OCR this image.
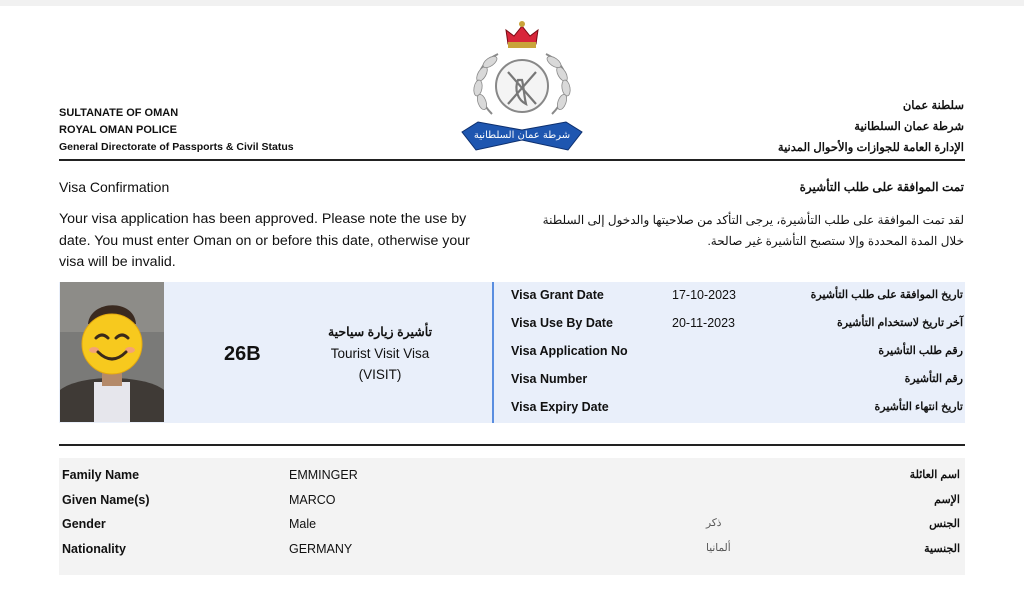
SULTANATE OF OMAN
ROYAL OMAN POLICE
General Directorate of Passports & Civil Status
شرطة عمان السلطانية
سلطنة عمان
شرطة عمان السلطانية
الإدارة العامة للجوازات والأحوال المدنية
Visa Confirmation	تمت الموافقة على طلب التأشيرة
Your visa application has been approved. Please note the use by
date. You must enter Oman on or before this date, otherwise your
visa will be invalid.
لقد تمت الموافقة على طلب التأشيرة، يرجى التأكد من صلاحيتها والدخول إلى السلطنة
خلال المدة المحددة وإلا ستصبح التأشيرة غير صالحة.
26B
تأشيرة زيارة سياحية
Tourist Visit Visa
(VISIT)
Visa Grant Date	17-10-2023	تاريخ الموافقة على طلب التأشيرة
Visa Use By Date	20-11-2023	آخر تاريخ لاستخدام التأشيرة
Visa Application No	رقم طلب التأشيرة
Visa Number	رقم التأشيرة
Visa Expiry Date	تاريخ انتهاء التأشيرة
Family Name	EMMINGER	اسم العائلة
Given Name(s)	MARCO	الإسم
Gender	Male	ذكر	الجنس
Nationality	GERMANY	ألمانيا	الجنسية
